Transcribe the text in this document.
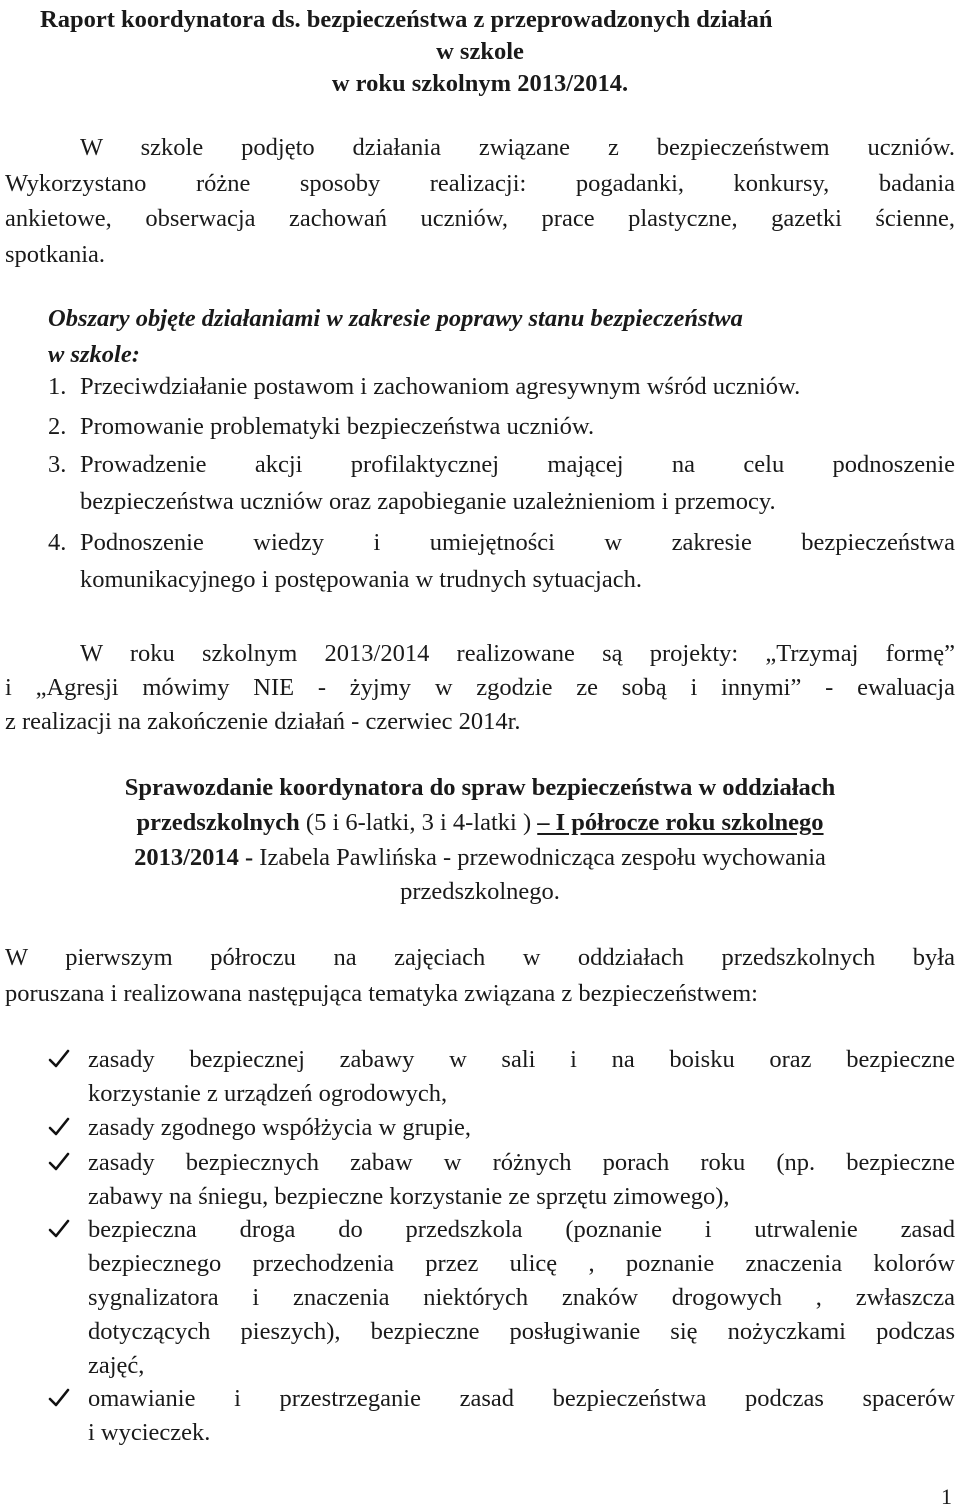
Raport koordynatora ds. bezpieczeństwa z przeprowadzonych działań
w szkole
w roku szkolnym 2013/2014.
W szkole podjęto działania związane z bezpieczeństwem uczniów.
Wykorzystano różne sposoby realizacji: pogadanki, konkursy, badania
ankietowe, obserwacja zachowań uczniów, prace plastyczne, gazetki ścienne,
spotkania.
Obszary objęte działaniami w zakresie poprawy stanu bezpieczeństwa
w szkole:
1. Przeciwdziałanie postawom i zachowaniom agresywnym wśród uczniów.
2. Promowanie problematyki bezpieczeństwa uczniów.
3. Prowadzenie akcji profilaktycznej mającej na celu podnoszenie
bezpieczeństwa uczniów oraz zapobieganie uzależnieniom i przemocy.
4. Podnoszenie wiedzy i umiejętności w zakresie bezpieczeństwa
komunikacyjnego i postępowania w trudnych sytuacjach.
W roku szkolnym 2013/2014 realizowane są projekty: „Trzymaj formę”
i „Agresji mówimy NIE - żyjmy w zgodzie ze sobą i innymi” - ewaluacja
z realizacji na zakończenie działań - czerwiec 2014r.
Sprawozdanie koordynatora do spraw bezpieczeństwa w oddziałach
przedszkolnych (5 i 6-latki, 3 i 4-latki ) – I półrocze roku szkolnego
2013/2014 - Izabela Pawlińska - przewodnicząca zespołu wychowania
przedszkolnego.
W pierwszym półroczu na zajęciach w oddziałach przedszkolnych była
poruszana i realizowana następująca tematyka związana z bezpieczeństwem:
zasady bezpiecznej zabawy w sali i na boisku oraz bezpieczne
korzystanie z urządzeń ogrodowych,
zasady zgodnego współżycia w grupie,
zasady bezpiecznych zabaw w różnych porach roku (np. bezpieczne
zabawy na śniegu, bezpieczne korzystanie ze sprzętu zimowego),
bezpieczna droga do przedszkola (poznanie i utrwalenie zasad
bezpiecznego przechodzenia przez ulicę , poznanie znaczenia kolorów
sygnalizatora i znaczenia niektórych znaków drogowych , zwłaszcza
dotyczących pieszych), bezpieczne posługiwanie się nożyczkami podczas
zajęć,
omawianie i przestrzeganie zasad bezpieczeństwa podczas spacerów
i wycieczek.
1
